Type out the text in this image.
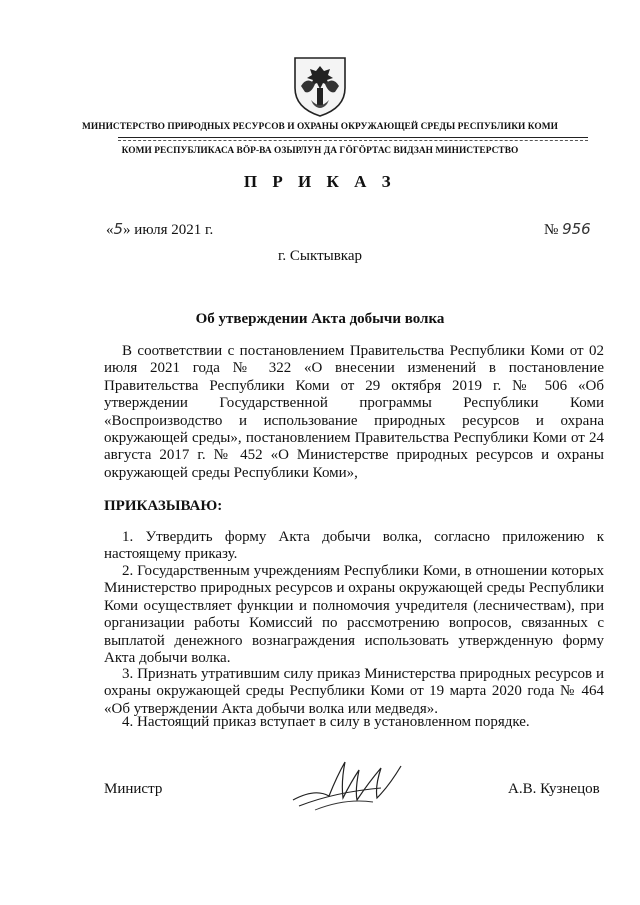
МИНИСТЕРСТВО ПРИРОДНЫХ РЕСУРСОВ И ОХРАНЫ ОКРУЖАЮЩЕЙ СРЕДЫ РЕСПУБЛИКИ КОМИ
КОМИ РЕСПУБЛИКАСА ВӦР-ВА ОЗЫРЛУН ДА ГӦГӦРТАС ВИДЗАН МИНИСТЕРСТВО
П Р И К А З
«5» июля 2021 г.	№ 956
г. Сыктывкар
Об утверждении Акта добычи волка

В соответствии с постановлением Правительства Республики Коми от 02 июля 2021 года № 322 «О внесении изменений в постановление Правительства Республики Коми от 29 октября 2019 г. № 506 «Об утверждении Государственной программы Республики Коми «Воспроизводство и использование природных ресурсов и охрана окружающей среды», постановлением Правительства Республики Коми от 24 августа 2017 г. № 452 «О Министерстве природных ресурсов и охраны окружающей среды Республики Коми»,

ПРИКАЗЫВАЮ:

1. Утвердить форму Акта добычи волка, согласно приложению к настоящему приказу.

2. Государственным учреждениям Республики Коми, в отношении которых Министерство природных ресурсов и охраны окружающей среды Республики Коми осуществляет функции и полномочия учредителя (лесничествам), при организации работы Комиссий по рассмотрению вопросов, связанных с выплатой денежного вознаграждения использовать утвержденную форму Акта добычи волка.

3. Признать утратившим силу приказ Министерства природных ресурсов и охраны окружающей среды Республики Коми от 19 марта 2020 года № 464 «Об утверждении Акта добычи волка или медведя».

4. Настоящий приказ вступает в силу в установленном порядке.

Министр	А.В. Кузнецов
